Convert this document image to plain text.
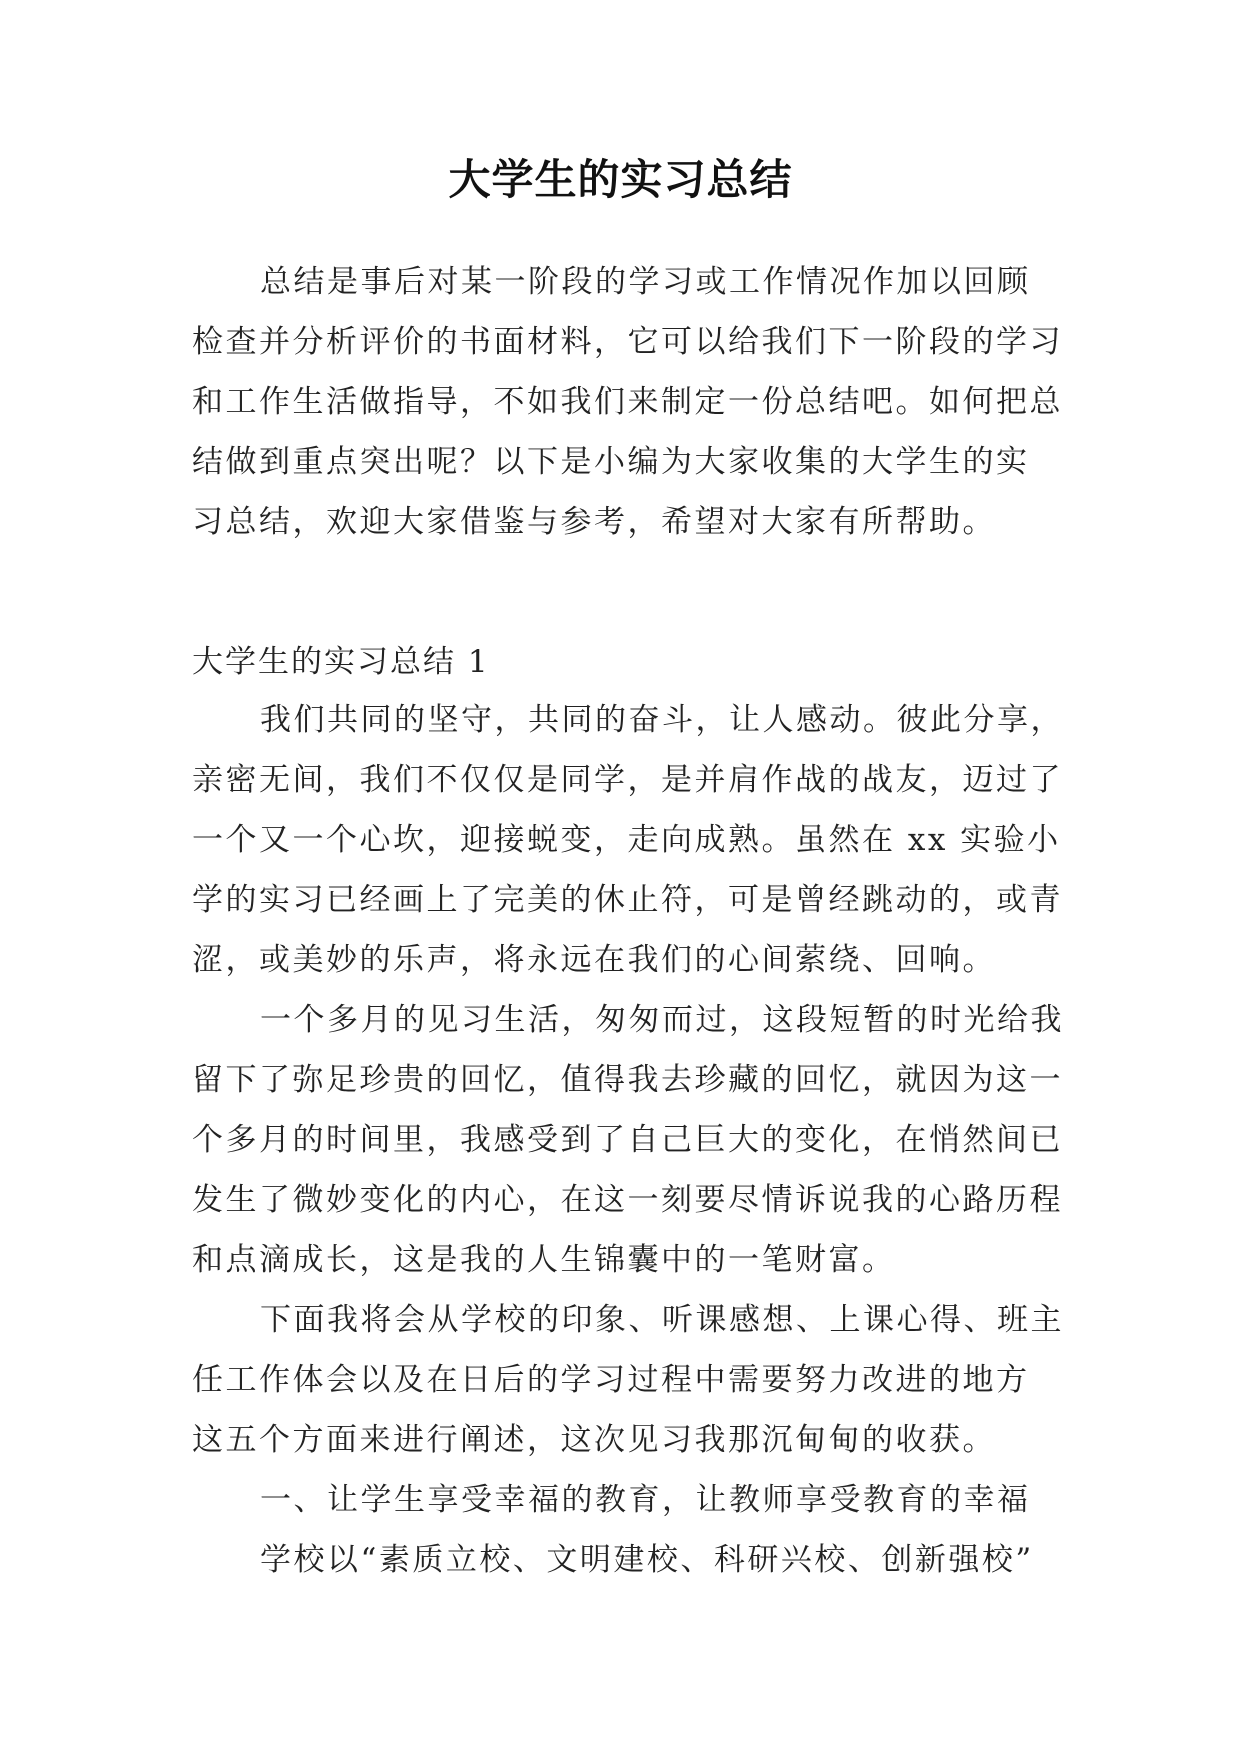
大学生的实习总结
总结是事后对某一阶段的学习或工作情况作加以回顾
检查并分析评价的书面材料，它可以给我们下一阶段的学习
和工作生活做指导，不如我们来制定一份总结吧。如何把总
结做到重点突出呢？以下是小编为大家收集的大学生的实
习总结，欢迎大家借鉴与参考，希望对大家有所帮助。
大学生的实习总结 1
我们共同的坚守，共同的奋斗，让人感动。彼此分享，
亲密无间，我们不仅仅是同学，是并肩作战的战友，迈过了
一个又一个心坎，迎接蜕变，走向成熟。虽然在 xx 实验小
学的实习已经画上了完美的休止符，可是曾经跳动的，或青
涩，或美妙的乐声，将永远在我们的心间萦绕、回响。
一个多月的见习生活，匆匆而过，这段短暂的时光给我
留下了弥足珍贵的回忆，值得我去珍藏的回忆，就因为这一
个多月的时间里，我感受到了自己巨大的变化，在悄然间已
发生了微妙变化的内心，在这一刻要尽情诉说我的心路历程
和点滴成长，这是我的人生锦囊中的一笔财富。
下面我将会从学校的印象、听课感想、上课心得、班主
任工作体会以及在日后的学习过程中需要努力改进的地方
这五个方面来进行阐述，这次见习我那沉甸甸的收获。
一、让学生享受幸福的教育，让教师享受教育的幸福
学校以“素质立校、文明建校、科研兴校、创新强校”
